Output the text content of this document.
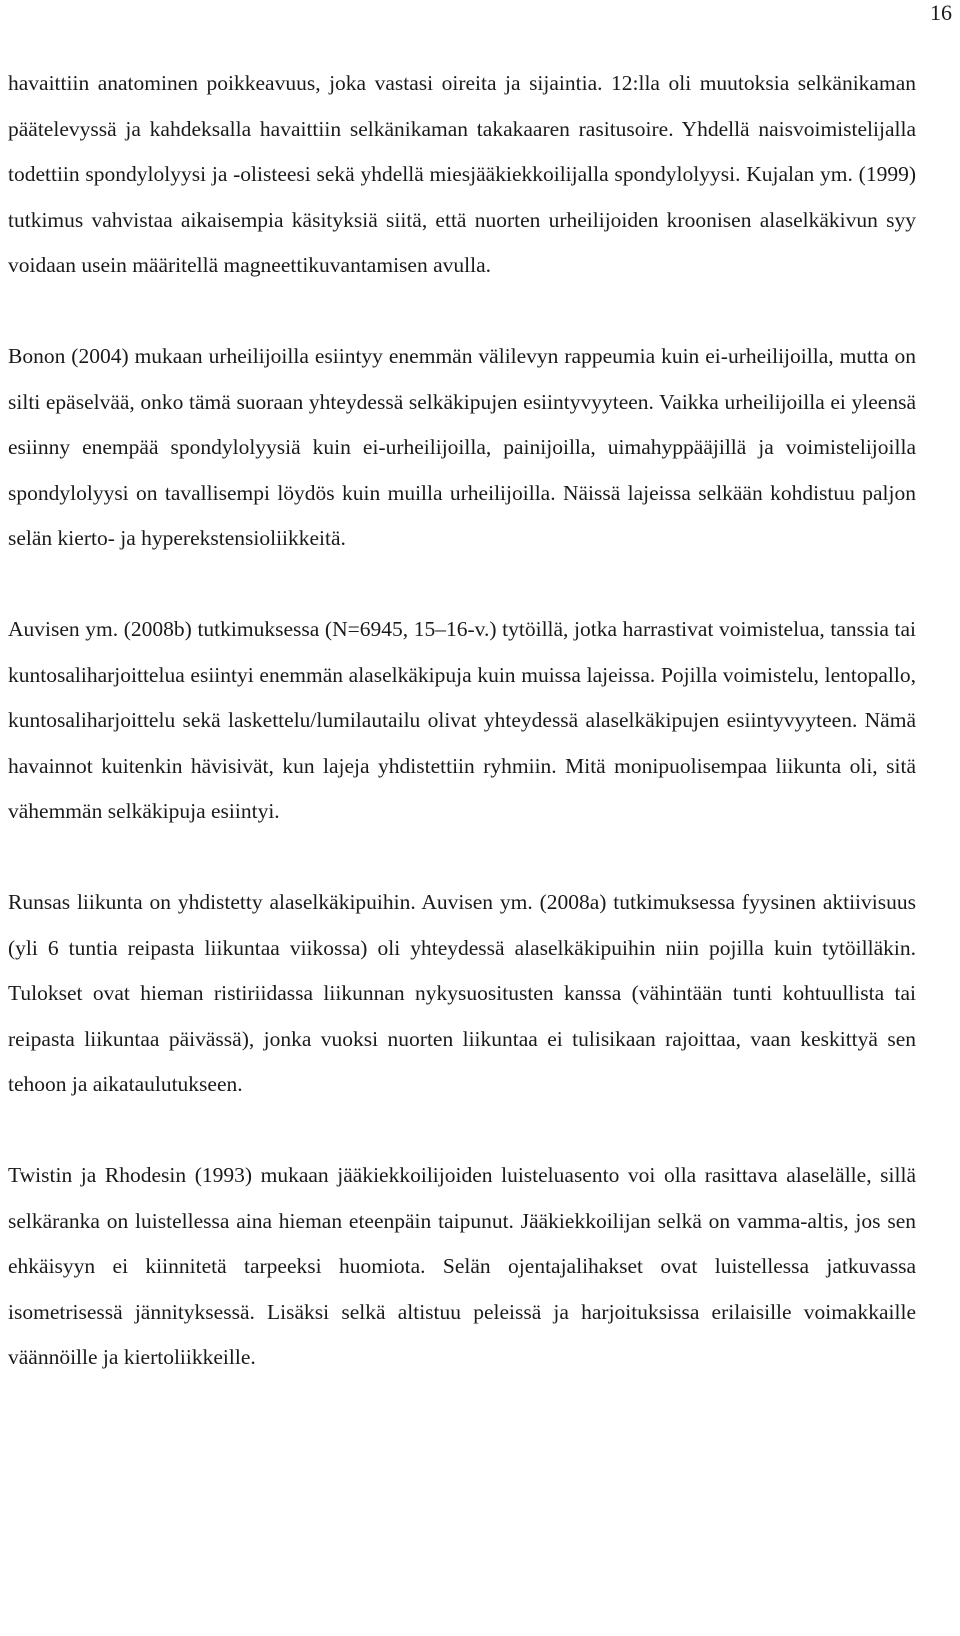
16

havaittiin anatominen poikkeavuus, joka vastasi oireita ja sijaintia. 12:lla oli muutoksia selkänikaman päätelevyssä ja kahdeksalla havaittiin selkänikaman takakaaren rasitusoire. Yhdellä naisvoimistelijalla todettiin spondylolyysi ja -olisteesi sekä yhdellä miesjääkiekkoilijalla spondylolyysi. Kujalan ym. (1999) tutkimus vahvistaa aikaisempia käsityksiä siitä, että nuorten urheilijoiden kroonisen alaselkäkivun syy voidaan usein määritellä magneettikuvantamisen avulla.

Bonon (2004) mukaan urheilijoilla esiintyy enemmän välilevyn rappeumia kuin ei-urheilijoilla, mutta on silti epäselvää, onko tämä suoraan yhteydessä selkäkipujen esiintyvyyteen. Vaikka urheilijoilla ei yleensä esiinny enempää spondylolyysiä kuin ei-urheilijoilla, painijoilla, uimahyppääjillä ja voimistelijoilla spondylolyysi on tavallisempi löydös kuin muilla urheilijoilla. Näissä lajeissa selkään kohdistuu paljon selän kierto- ja hyperekstensioliikkeitä.

Auvisen ym. (2008b) tutkimuksessa (N=6945, 15–16-v.) tytöillä, jotka harrastivat voimistelua, tanssia tai kuntosaliharjoittelua esiintyi enemmän alaselkäkipuja kuin muissa lajeissa. Pojilla voimistelu, lentopallo, kuntosaliharjoittelu sekä laskettelu/lumilautailu olivat yhteydessä alaselkäkipujen esiintyvyyteen. Nämä havainnot kuitenkin hävisivät, kun lajeja yhdistettiin ryhmiin. Mitä monipuolisempaa liikunta oli, sitä vähemmän selkäkipuja esiintyi.

Runsas liikunta on yhdistetty alaselkäkipuihin. Auvisen ym. (2008a) tutkimuksessa fyysinen aktiivisuus (yli 6 tuntia reipasta liikuntaa viikossa) oli yhteydessä alaselkäkipuihin niin pojilla kuin tytöilläkin. Tulokset ovat hieman ristiriidassa liikunnan nykysuositusten kanssa (vähintään tunti kohtuullista tai reipasta liikuntaa päivässä), jonka vuoksi nuorten liikuntaa ei tulisikaan rajoittaa, vaan keskittyä sen tehoon ja aikataulutukseen.

Twistin ja Rhodesin (1993) mukaan jääkiekkoilijoiden luisteluasento voi olla rasittava alaselälle, sillä selkäranka on luistellessa aina hieman eteenpäin taipunut. Jääkiekkoilijan selkä on vamma-altis, jos sen ehkäisyyn ei kiinnitetä tarpeeksi huomiota. Selän ojentajalihakset ovat luistellessa jatkuvassa isometrisessä jännityksessä. Lisäksi selkä altistuu peleissä ja harjoituksissa erilaisille voimakkaille väännöille ja kiertoliikkeille.
